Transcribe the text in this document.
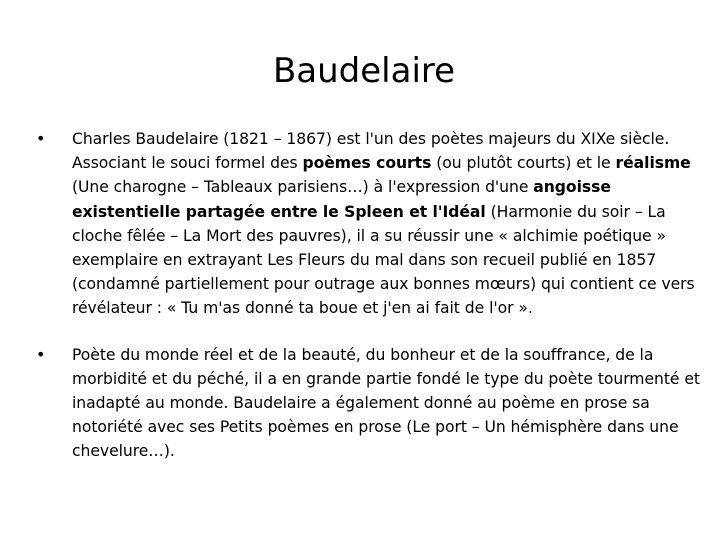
Baudelaire
• Charles Baudelaire (1821 – 1867) est l'un des poètes majeurs du XIXe siècle. Associant le souci formel des poèmes courts (ou plutôt courts) et le réalisme (Une charogne – Tableaux parisiens…) à l'expression d'une angoisse existentielle partagée entre le Spleen et l'Idéal (Harmonie du soir – La cloche fêlée – La Mort des pauvres), il a su réussir une « alchimie poétique » exemplaire en extrayant Les Fleurs du mal dans son recueil publié en 1857 (condamné partiellement pour outrage aux bonnes mœurs) qui contient ce vers révélateur : « Tu m'as donné ta boue et j'en ai fait de l'or ».
• Poète du monde réel et de la beauté, du bonheur et de la souffrance, de la morbidité et du péché, il a en grande partie fondé le type du poète tourmenté et inadapté au monde. Baudelaire a également donné au poème en prose sa notoriété avec ses Petits poèmes en prose (Le port – Un hémisphère dans une chevelure…).
